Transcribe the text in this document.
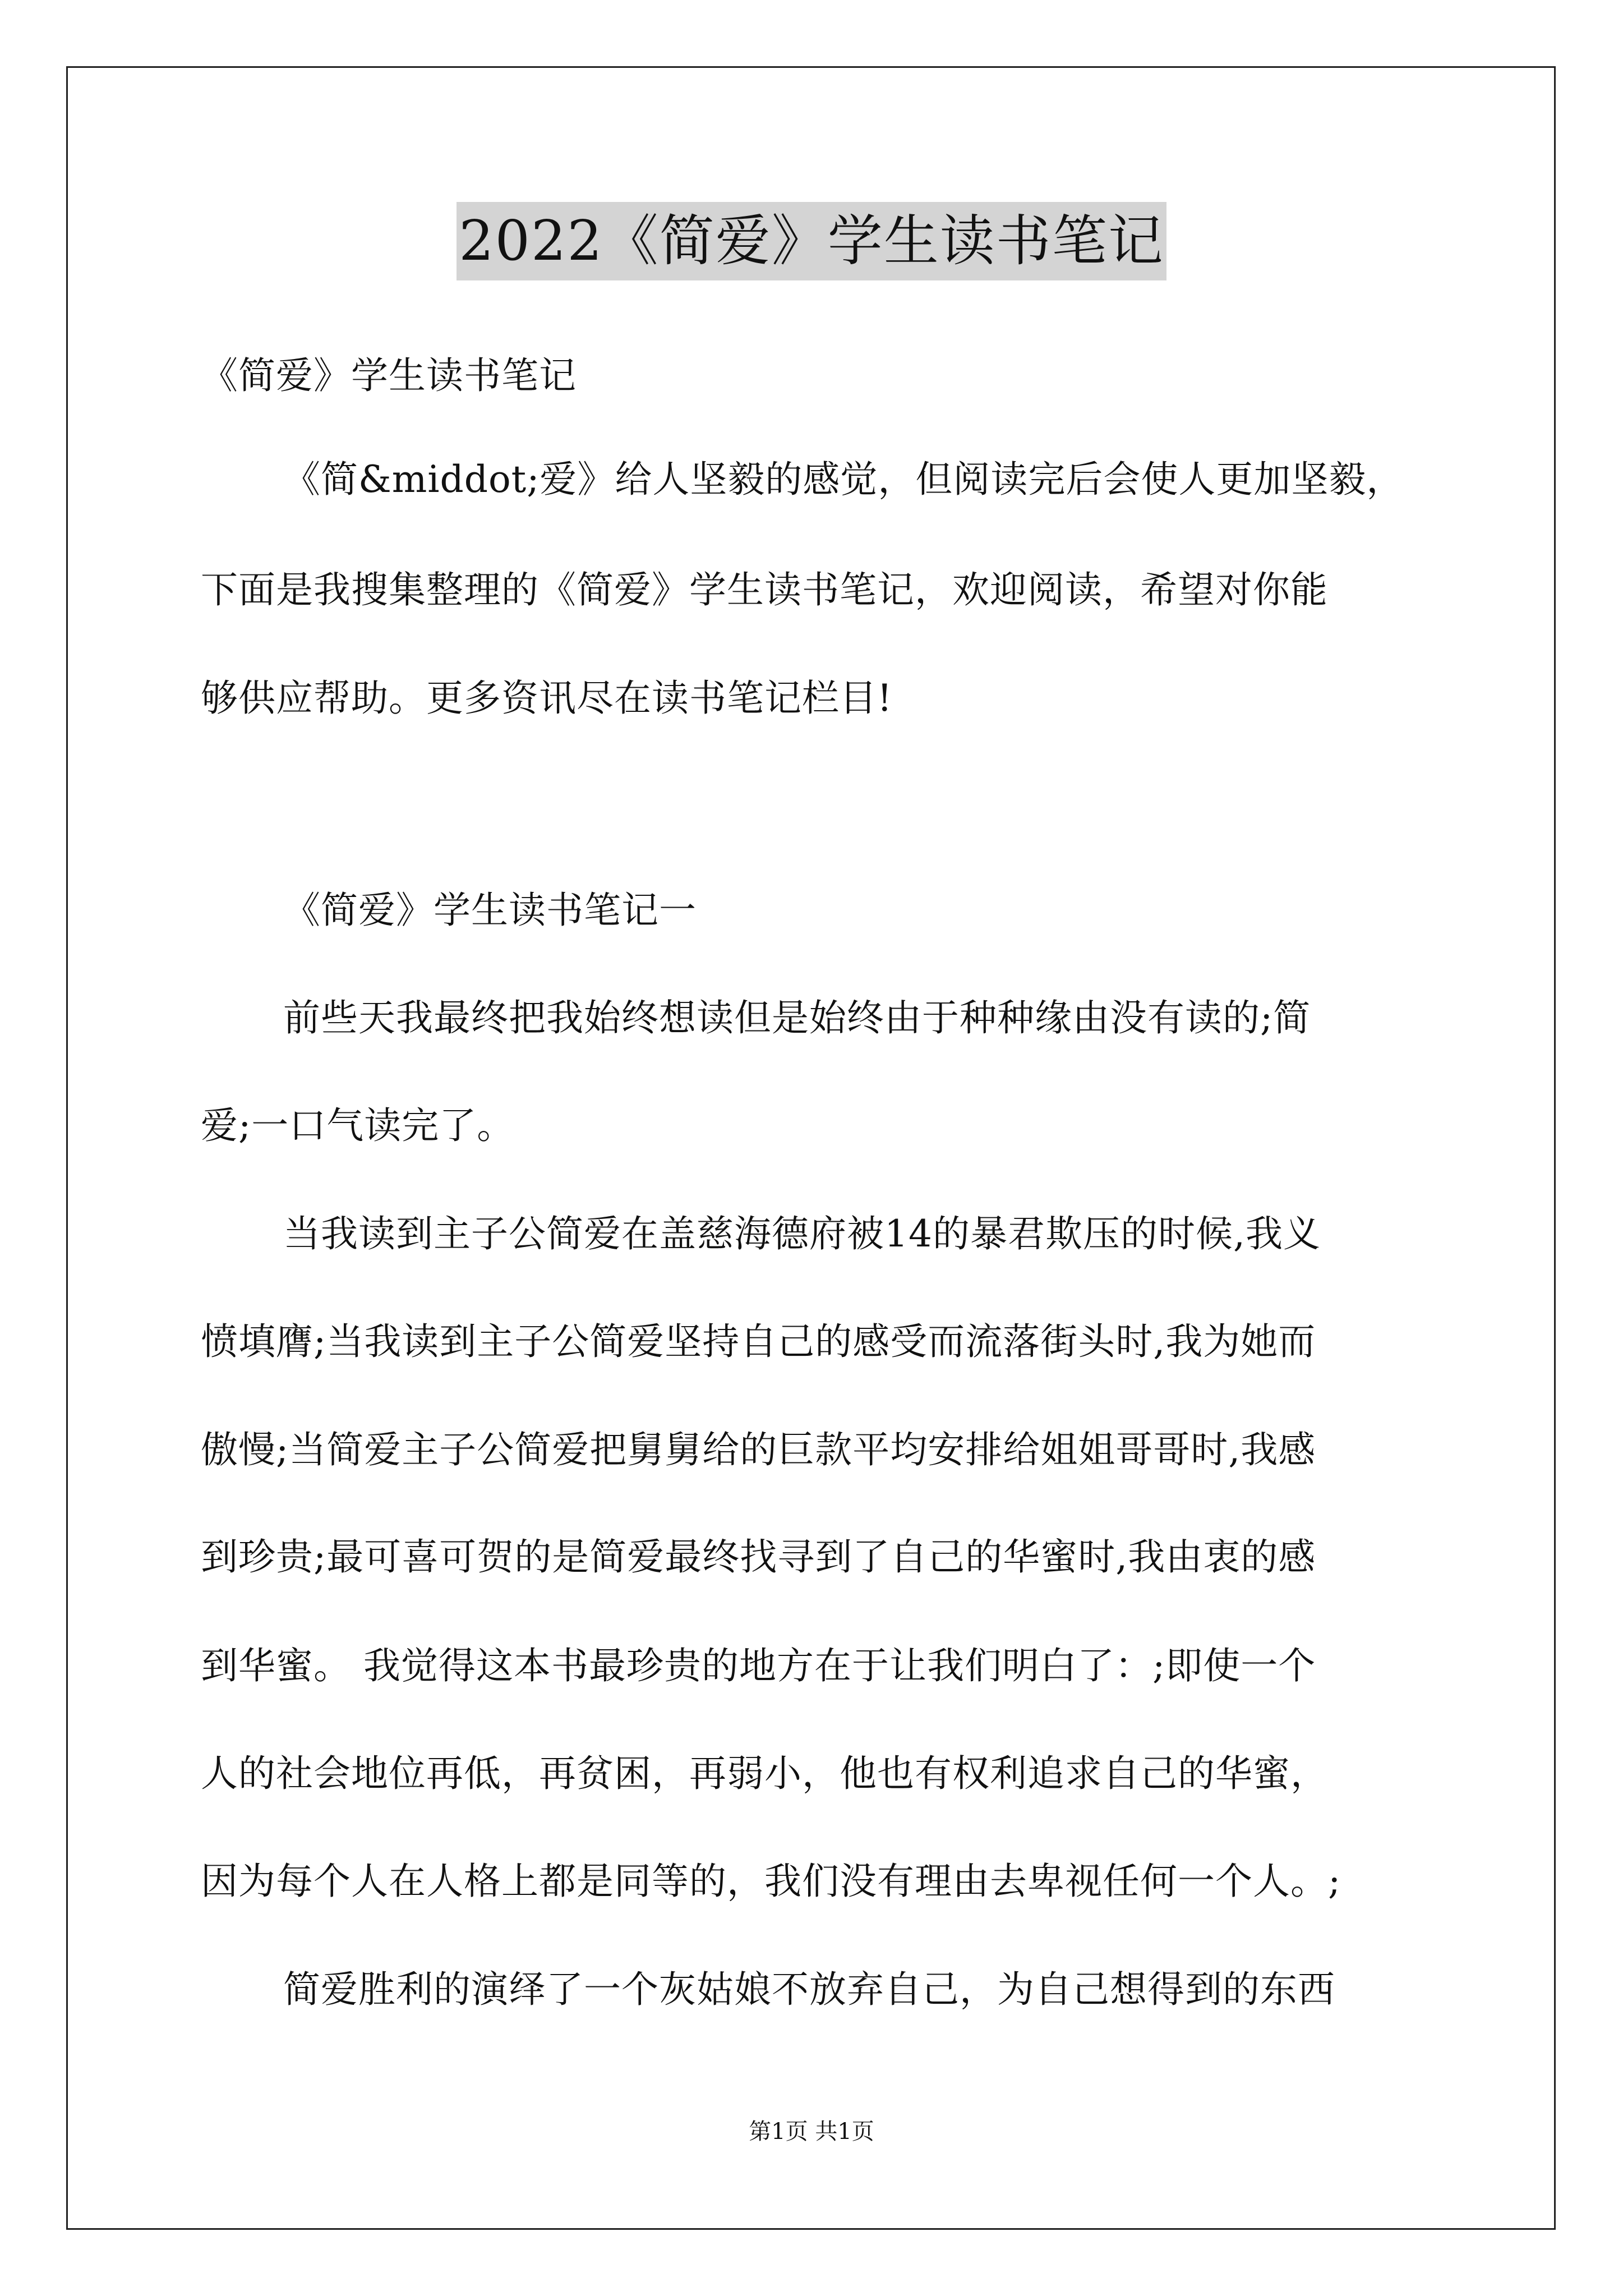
2022《简爱》学生读书笔记
《简爱》学生读书笔记
《简&middot;爱》给人坚毅的感觉，但阅读完后会使人更加坚毅，
下面是我搜集整理的《简爱》学生读书笔记，欢迎阅读，希望对你能
够供应帮助。更多资讯尽在读书笔记栏目!
《简爱》学生读书笔记一
前些天我最终把我始终想读但是始终由于种种缘由没有读的;简
爱;一口气读完了。
当我读到主子公简爱在盖慈海德府被14的暴君欺压的时候,我义
愤填膺;当我读到主子公简爱坚持自己的感受而流落街头时,我为她而
傲慢;当简爱主子公简爱把舅舅给的巨款平均安排给姐姐哥哥时,我感
到珍贵;最可喜可贺的是简爱最终找寻到了自己的华蜜时,我由衷的感
到华蜜。 我觉得这本书最珍贵的地方在于让我们明白了：;即使一个
人的社会地位再低，再贫困，再弱小，他也有权利追求自己的华蜜，
因为每个人在人格上都是同等的，我们没有理由去卑视任何一个人。;
简爱胜利的演绎了一个灰姑娘不放弃自己，为自己想得到的东西
第1页 共1页
